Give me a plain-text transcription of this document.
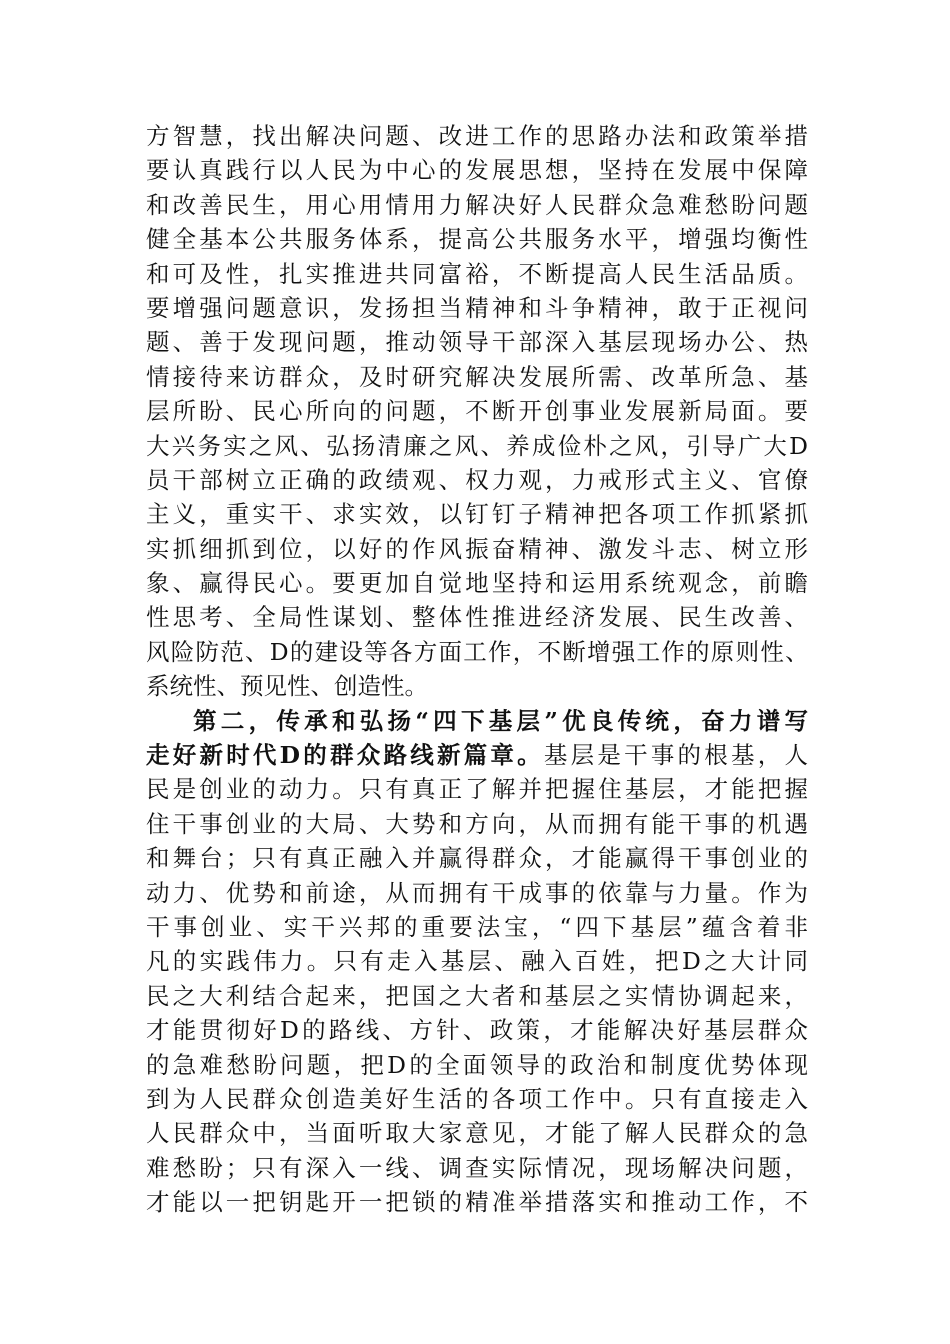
方智慧，找出解决问题、改进工作的思路办法和政策举措
要认真践行以人民为中心的发展思想，坚持在发展中保障
和改善民生，用心用情用力解决好人民群众急难愁盼问题
健全基本公共服务体系，提高公共服务水平，增强均衡性
和可及性，扎实推进共同富裕，不断提高人民生活品质。
要增强问题意识，发扬担当精神和斗争精神，敢于正视问
题、善于发现问题，推动领导干部深入基层现场办公、热
情接待来访群众，及时研究解决发展所需、改革所急、基
层所盼、民心所向的问题，不断开创事业发展新局面。要
大兴务实之风、弘扬清廉之风、养成俭朴之风，引导广大D
员干部树立正确的政绩观、权力观，力戒形式主义、官僚
主义，重实干、求实效，以钉钉子精神把各项工作抓紧抓
实抓细抓到位，以好的作风振奋精神、激发斗志、树立形
象、赢得民心。要更加自觉地坚持和运用系统观念，前瞻
性思考、全局性谋划、整体性推进经济发展、民生改善、
风险防范、D的建设等各方面工作，不断增强工作的原则性、
系统性、预见性、创造性。
第二，传承和弘扬“四下基层”优良传统，奋力谱写
走好新时代D的群众路线新篇章。基层是干事的根基，人
民是创业的动力。只有真正了解并把握住基层，才能把握
住干事创业的大局、大势和方向，从而拥有能干事的机遇
和舞台；只有真正融入并赢得群众，才能赢得干事创业的
动力、优势和前途，从而拥有干成事的依靠与力量。作为
干事创业、实干兴邦的重要法宝，“四下基层”蕴含着非
凡的实践伟力。只有走入基层、融入百姓，把D之大计同
民之大利结合起来，把国之大者和基层之实情协调起来，
才能贯彻好D的路线、方针、政策，才能解决好基层群众
的急难愁盼问题，把D的全面领导的政治和制度优势体现
到为人民群众创造美好生活的各项工作中。只有直接走入
人民群众中，当面听取大家意见，才能了解人民群众的急
难愁盼；只有深入一线、调查实际情况，现场解决问题，
才能以一把钥匙开一把锁的精准举措落实和推动工作，不
